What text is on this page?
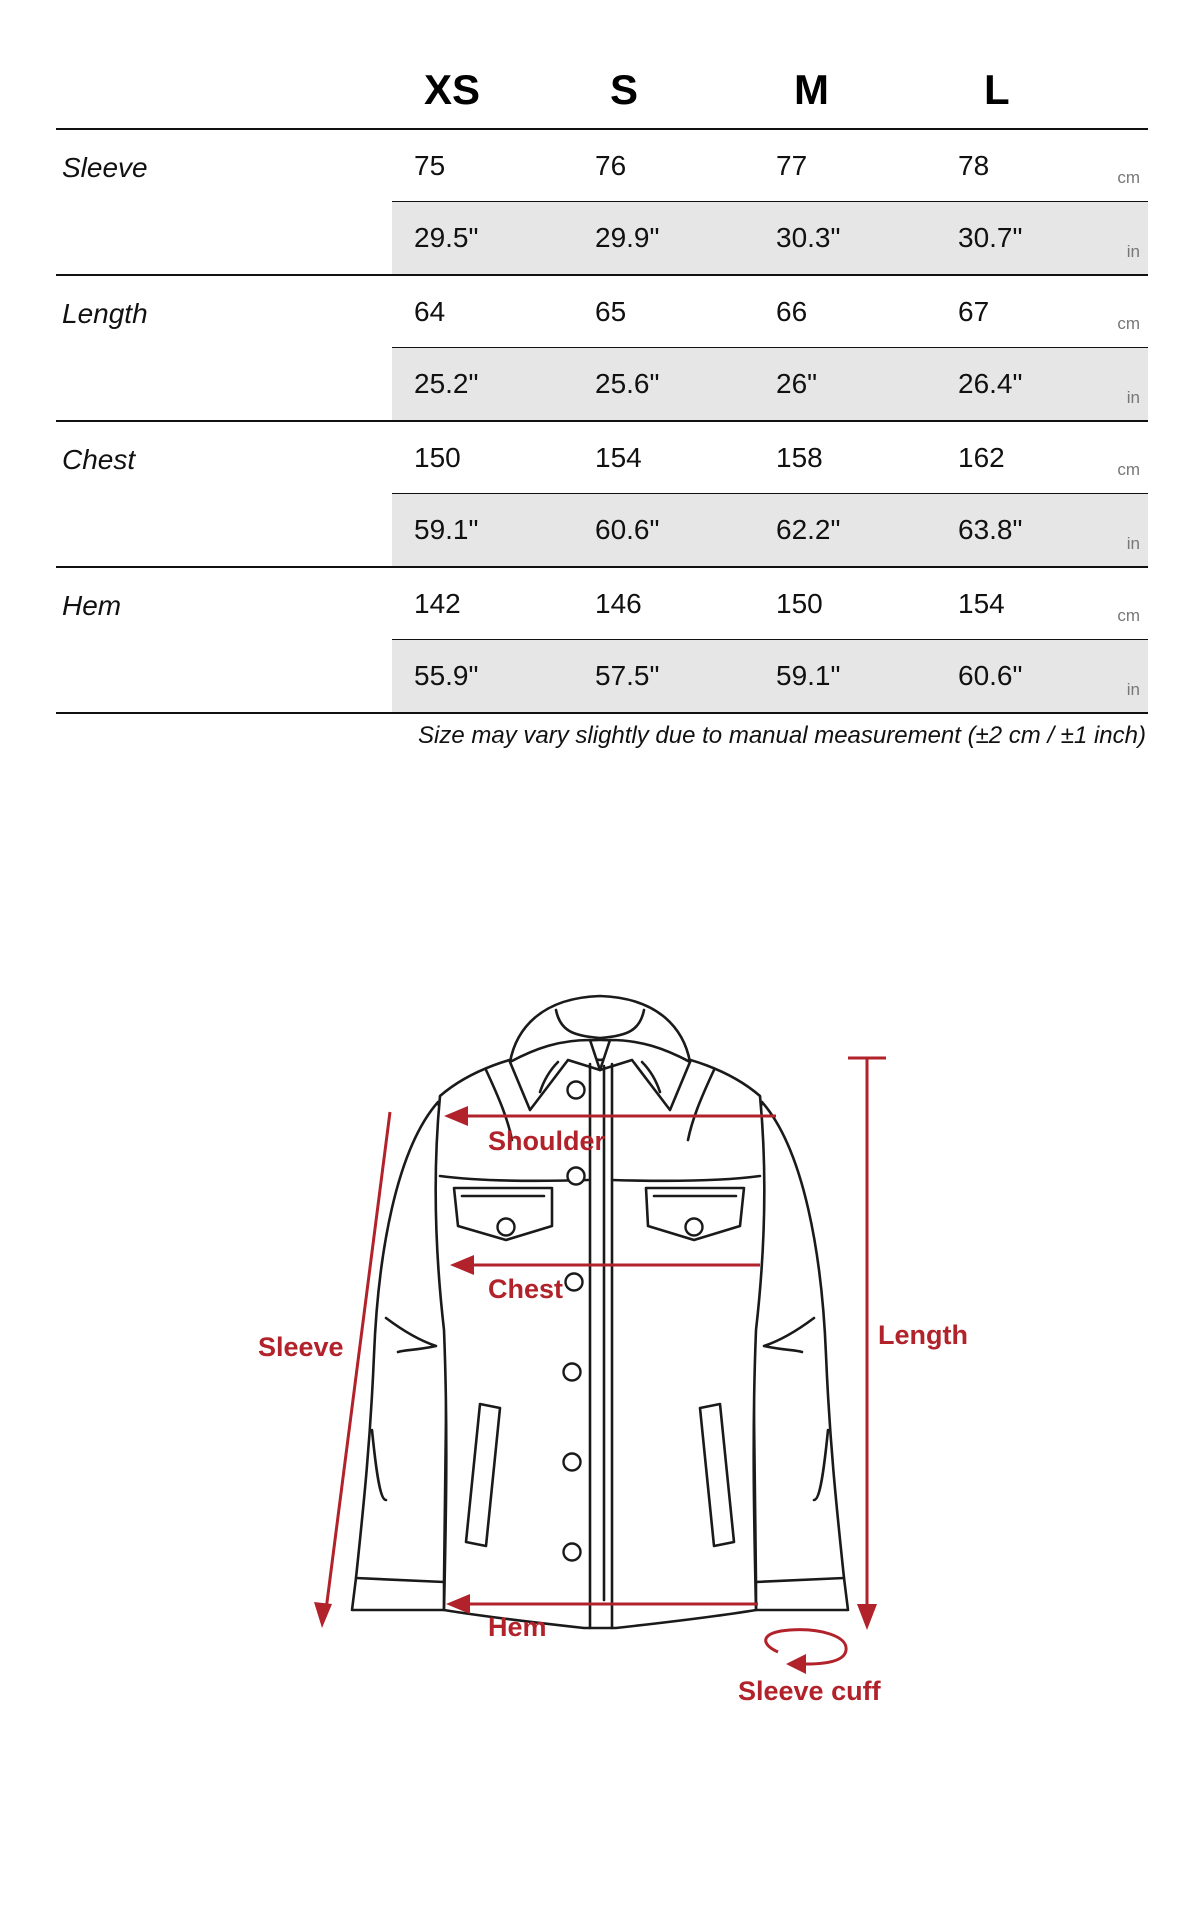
XS	S	M	L
Sleeve	75	76	77	78	cm
29.5"	29.9"	30.3"	30.7"	in
Length	64	65	66	67	cm
25.2"	25.6"	26"	26.4"	in
Chest	150	154	158	162	cm
59.1"	60.6"	62.2"	63.8"	in
Hem	142	146	150	154	cm
55.9"	57.5"	59.1"	60.6"	in
Size may vary slightly due to manual measurement (±2 cm / ±1 inch)
Shoulder
Chest
Hem
Sleeve	Length
Sleeve cuff
